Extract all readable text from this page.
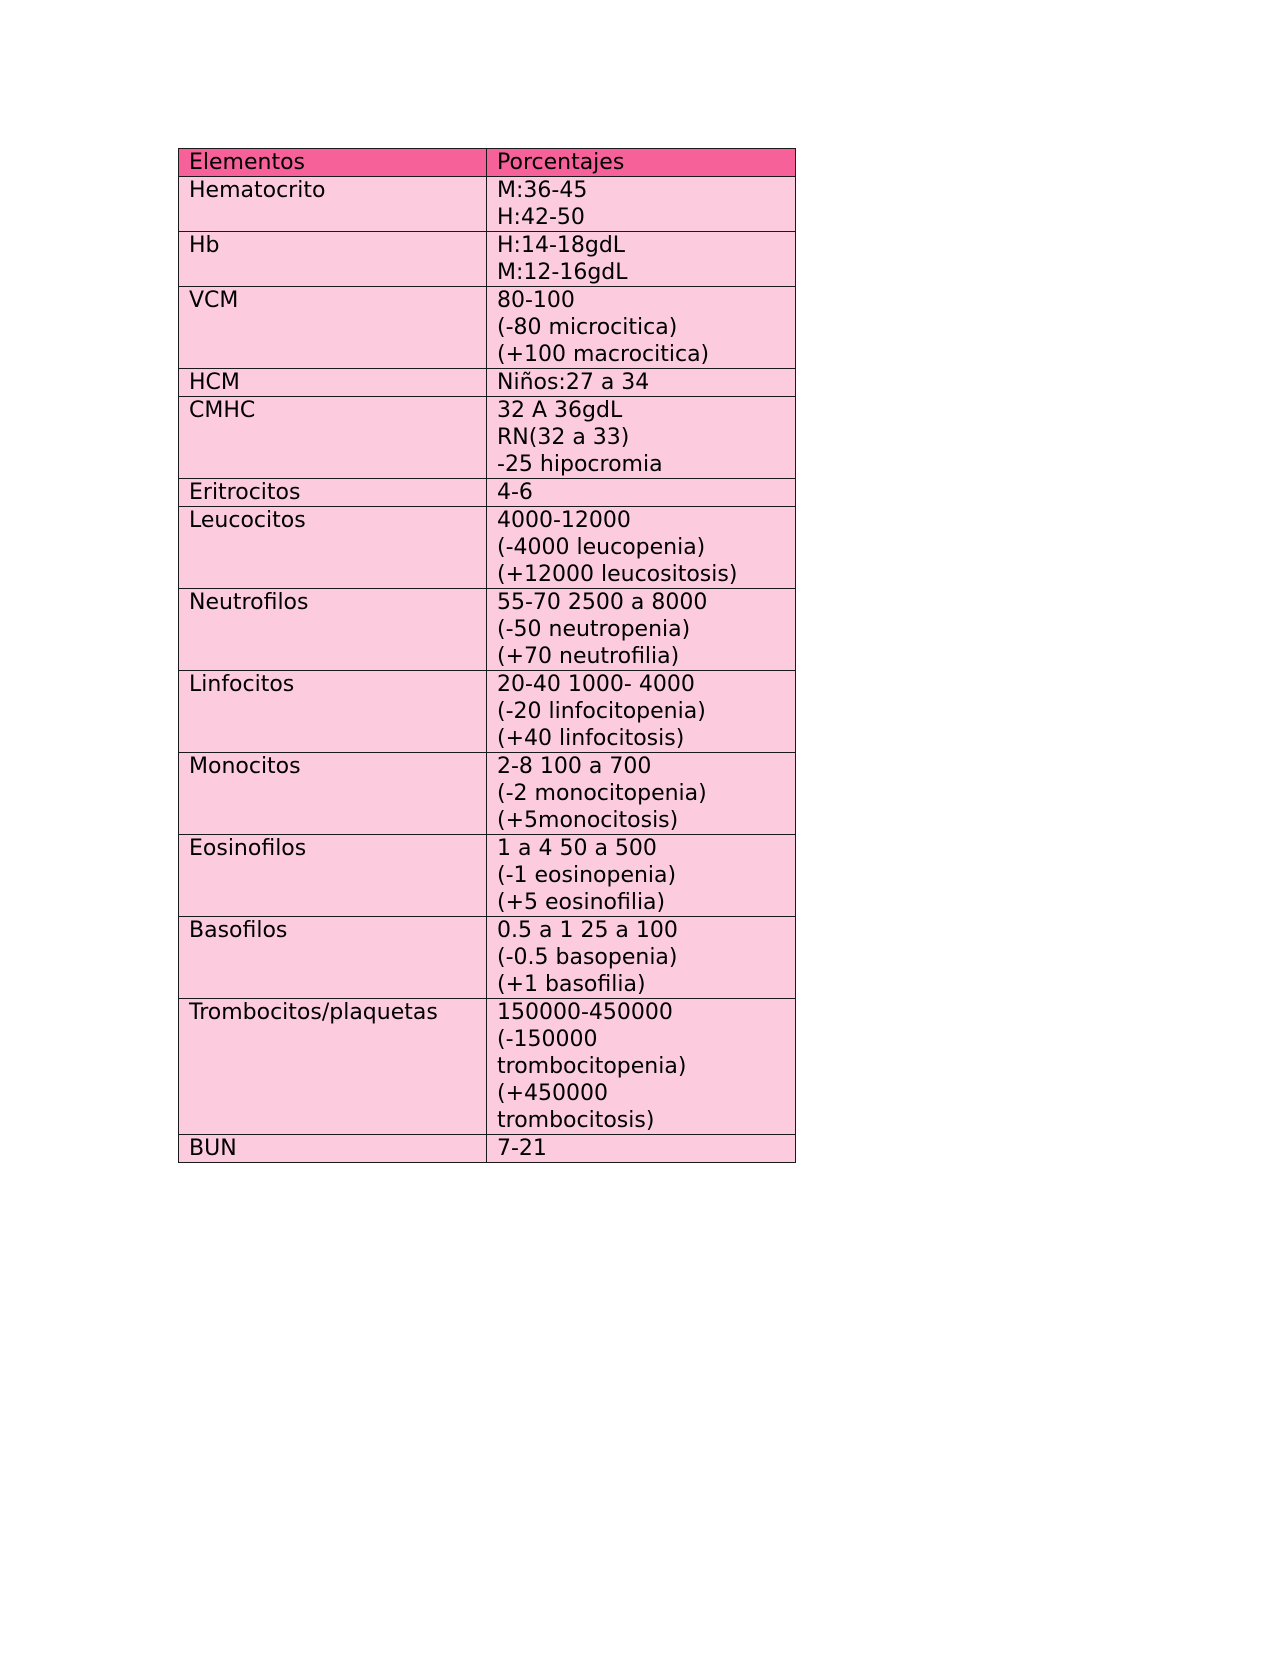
Elementos	Porcentajes
Hematocrito	M:36-45
H:42-50

Hb	H:14-18gdL
M:12-16gdL

VCM	80-100
(-80 microcitica)
(+100 macrocitica)

HCM	Niños:27 a 34

CMHC	32 A 36gdL
RN(32 a 33)
-25 hipocromia

Eritrocitos	4-6

Leucocitos	4000-12000
(-4000 leucopenia)
(+12000 leucositosis)

Neutrofilos	55-70 2500 a 8000
(-50 neutropenia)
(+70 neutrofilia)

Linfocitos	20-40 1000- 4000
(-20 linfocitopenia)
(+40 linfocitosis)

Monocitos	2-8 100 a 700
(-2 monocitopenia)
(+5monocitosis)

Eosinofilos	1 a 4 50 a 500
(-1 eosinopenia)
(+5 eosinofilia)

Basofilos	0.5 a 1 25 a 100
(-0.5 basopenia)
(+1 basofilia)

Trombocitos/plaquetas	150000-450000
(-150000
trombocitopenia)
(+450000
trombocitosis)

BUN	7-21
